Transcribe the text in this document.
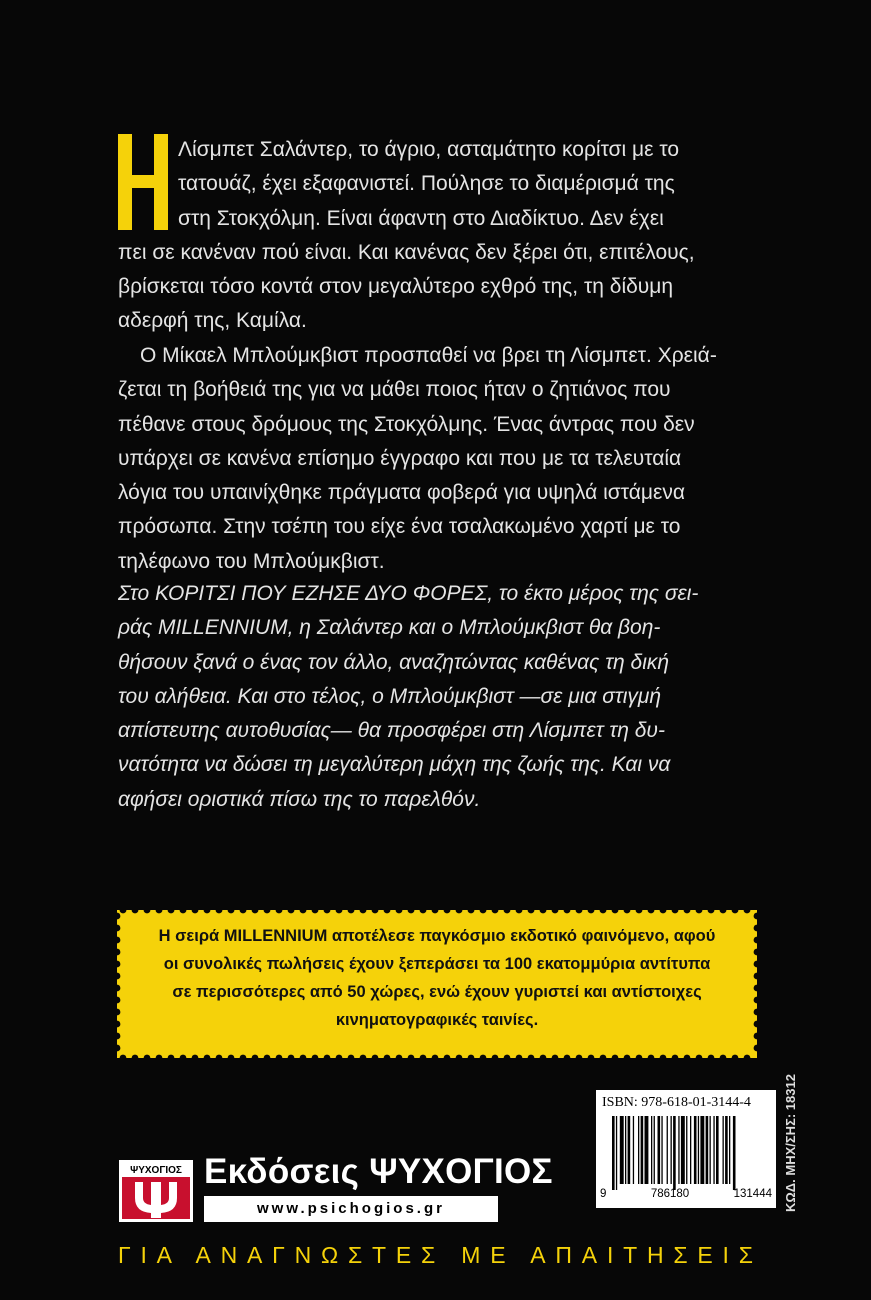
Λίσμπετ Σαλάντερ, το άγριο, ασταμάτητο κορίτσι με το
τατουάζ, έχει εξαφανιστεί. Πούλησε το διαμέρισμά της
στη Στοκχόλμη. Είναι άφαντη στο Διαδίκτυο. Δεν έχει
πει σε κανέναν πού είναι. Και κανένας δεν ξέρει ότι, επιτέλους,
βρίσκεται τόσο κοντά στον μεγαλύτερο εχθρό της, τη δίδυμη
αδερφή της, Καμίλα.
Ο Μίκαελ Μπλούμκβιστ προσπαθεί να βρει τη Λίσμπετ. Χρειά-
ζεται τη βοήθειά της για να μάθει ποιος ήταν ο ζητιάνος που
πέθανε στους δρόμους της Στοκχόλμης. Ένας άντρας που δεν
υπάρχει σε κανένα επίσημο έγγραφο και που με τα τελευταία
λόγια του υπαινίχθηκε πράγματα φοβερά για υψηλά ιστάμενα
πρόσωπα. Στην τσέπη του είχε ένα τσαλακωμένο χαρτί με το
τηλέφωνο του Μπλούμκβιστ.
Στο ΚΟΡΙΤΣΙ ΠΟΥ ΕΖΗΣΕ ΔΥΟ ΦΟΡΕΣ, το έκτο μέρος της σει-
ράς MILLENNIUM, η Σαλάντερ και ο Μπλούμκβιστ θα βοη-
θήσουν ξανά ο ένας τον άλλο, αναζητώντας καθένας τη δική
του αλήθεια. Και στο τέλος, ο Μπλούμκβιστ —σε μια στιγμή
απίστευτης αυτοθυσίας— θα προσφέρει στη Λίσμπετ τη δυ-
νατότητα να δώσει τη μεγαλύτερη μάχη της ζωής της. Και να
αφήσει οριστικά πίσω της το παρελθόν.
Η σειρά MILLENNIUM αποτέλεσε παγκόσμιο εκδοτικό φαινόμενο, αφού
οι συνολικές πωλήσεις έχουν ξεπεράσει τα 100 εκατομμύρια αντίτυπα
σε περισσότερες από 50 χώρες, ενώ έχουν γυριστεί και αντίστοιχες
κινηματογραφικές ταινίες.
ISBN: 978-618-01-3144-4
9	786180	131444 ΚΩΔ. ΜΗΧ/ΣΗΣ: 18312
ΨΥΧΟΓΙΟΣ Εκδόσεις ΨΥΧΟΓΙΟΣ
www.psichogios.gr
ΓΙΑ ΑΝΑΓΝΩΣΤΕΣ ΜΕ ΑΠΑΙΤΗΣΕΙΣ
